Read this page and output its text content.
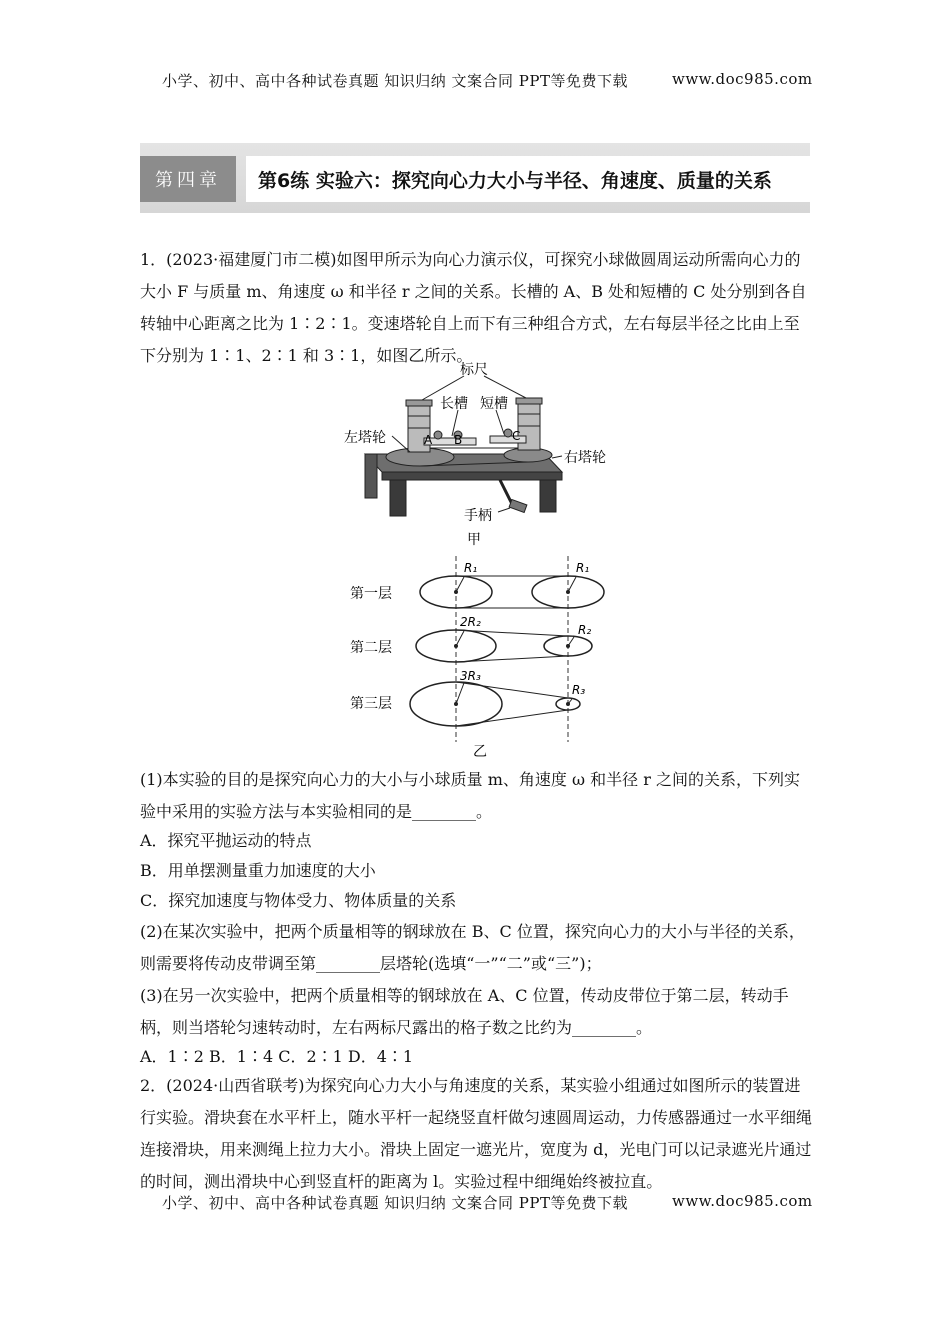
小学、初中、高中各种试卷真题 知识归纳 文案合同 PPT等免费下载	www.doc985.com
第四章	第6练 实验六：探究向心力大小与半径、角速度、质量的关系
1．(2023·福建厦门市二模)如图甲所示为向心力演示仪，可探究小球做圆周运动所需向心力的大小 F 与质量 m、角速度 ω 和半径 r 之间的关系。长槽的 A、B 处和短槽的 C 处分别到各自转轴中心距离之比为 1∶2∶1。变速塔轮自上而下有三种组合方式，左右每层半径之比由上至下分别为 1∶1、2∶1 和 3∶1，如图乙所示。
标尺
长槽 短槽
左塔轮
右塔轮
手柄
A B	C
甲
第一层
第二层
第三层
R₁	R₁
2R₂
R₂
3R₃
R₃
乙
(1)本实验的目的是探究向心力的大小与小球质量 m、角速度 ω 和半径 r 之间的关系，下列实验中采用的实验方法与本实验相同的是________。
A．探究平抛运动的特点
B．用单摆测量重力加速度的大小
C．探究加速度与物体受力、物体质量的关系
(2)在某次实验中，把两个质量相等的钢球放在 B、C 位置，探究向心力的大小与半径的关系，则需要将传动皮带调至第________层塔轮(选填“一”“二”或“三”)；
(3)在另一次实验中，把两个质量相等的钢球放在 A、C 位置，传动皮带位于第二层，转动手柄，则当塔轮匀速转动时，左右两标尺露出的格子数之比约为________。
A．1∶2 B．1∶4 C．2∶1 D．4∶1
2．(2024·山西省联考)为探究向心力大小与角速度的关系，某实验小组通过如图所示的装置进行实验。滑块套在水平杆上，随水平杆一起绕竖直杆做匀速圆周运动，力传感器通过一水平细绳连接滑块，用来测绳上拉力大小。滑块上固定一遮光片，宽度为 d，光电门可以记录遮光片通过的时间，测出滑块中心到竖直杆的距离为 l。实验过程中细绳始终被拉直。
小学、初中、高中各种试卷真题 知识归纳 文案合同 PPT等免费下载	www.doc985.com
